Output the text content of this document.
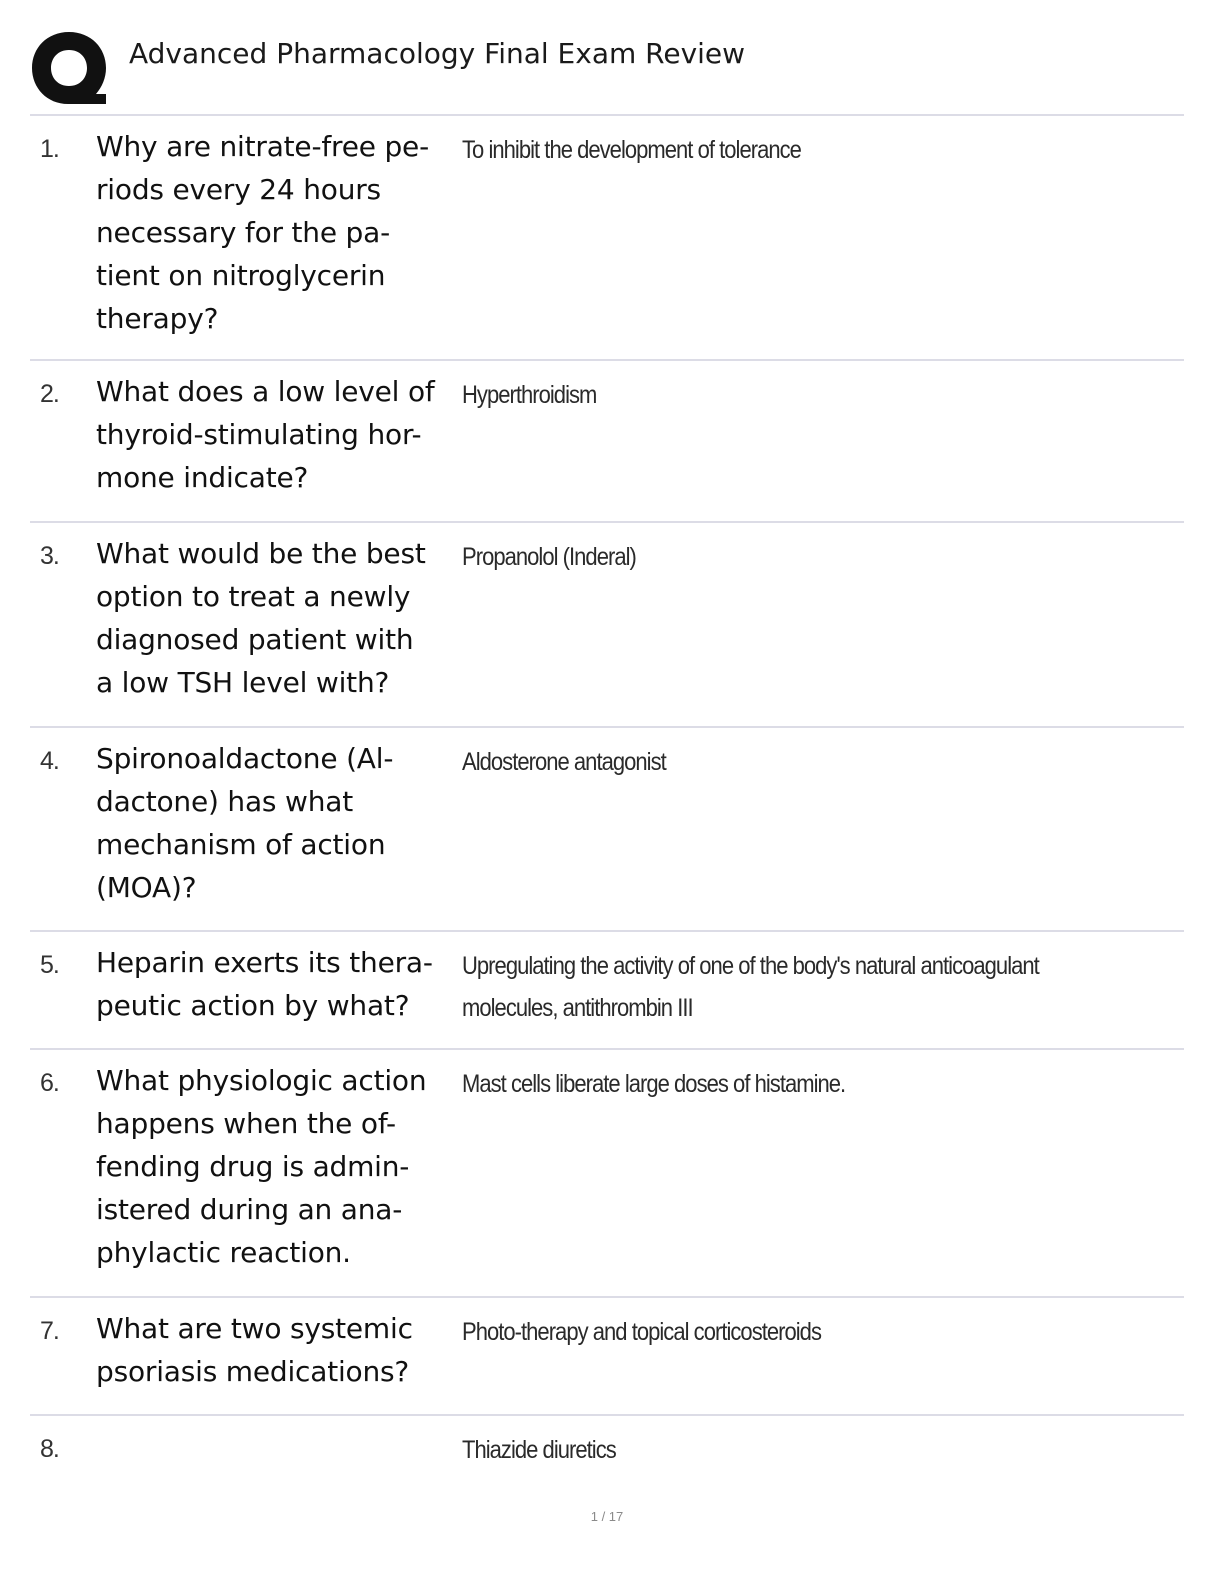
Advanced Pharmacology Final Exam Review
1. Why are nitrate-free pe-
riods every 24 hours
necessary for the pa-
tient on nitroglycerin
therapy?
To inhibit the development of tolerance
2. What does a low level of
thyroid-stimulating hor-
mone indicate?
Hyperthroidism
3. What would be the best
option to treat a newly
diagnosed patient with
a low TSH level with?
Propanolol (Inderal)
4. Spironoaldactone (Al-
dactone) has what
mechanism of action
(MOA)?
Aldosterone antagonist
5. Heparin exerts its thera-
peutic action by what?
Upregulating the activity of one of the body's natural anticoagulant
molecules, antithrombin III
6. What physiologic action
happens when the of-
fending drug is admin-
istered during an ana-
phylactic reaction.
Mast cells liberate large doses of histamine.
7. What are two systemic
psoriasis medications?
Photo-therapy and topical corticosteroids
8.	Thiazide diuretics
1 / 17
